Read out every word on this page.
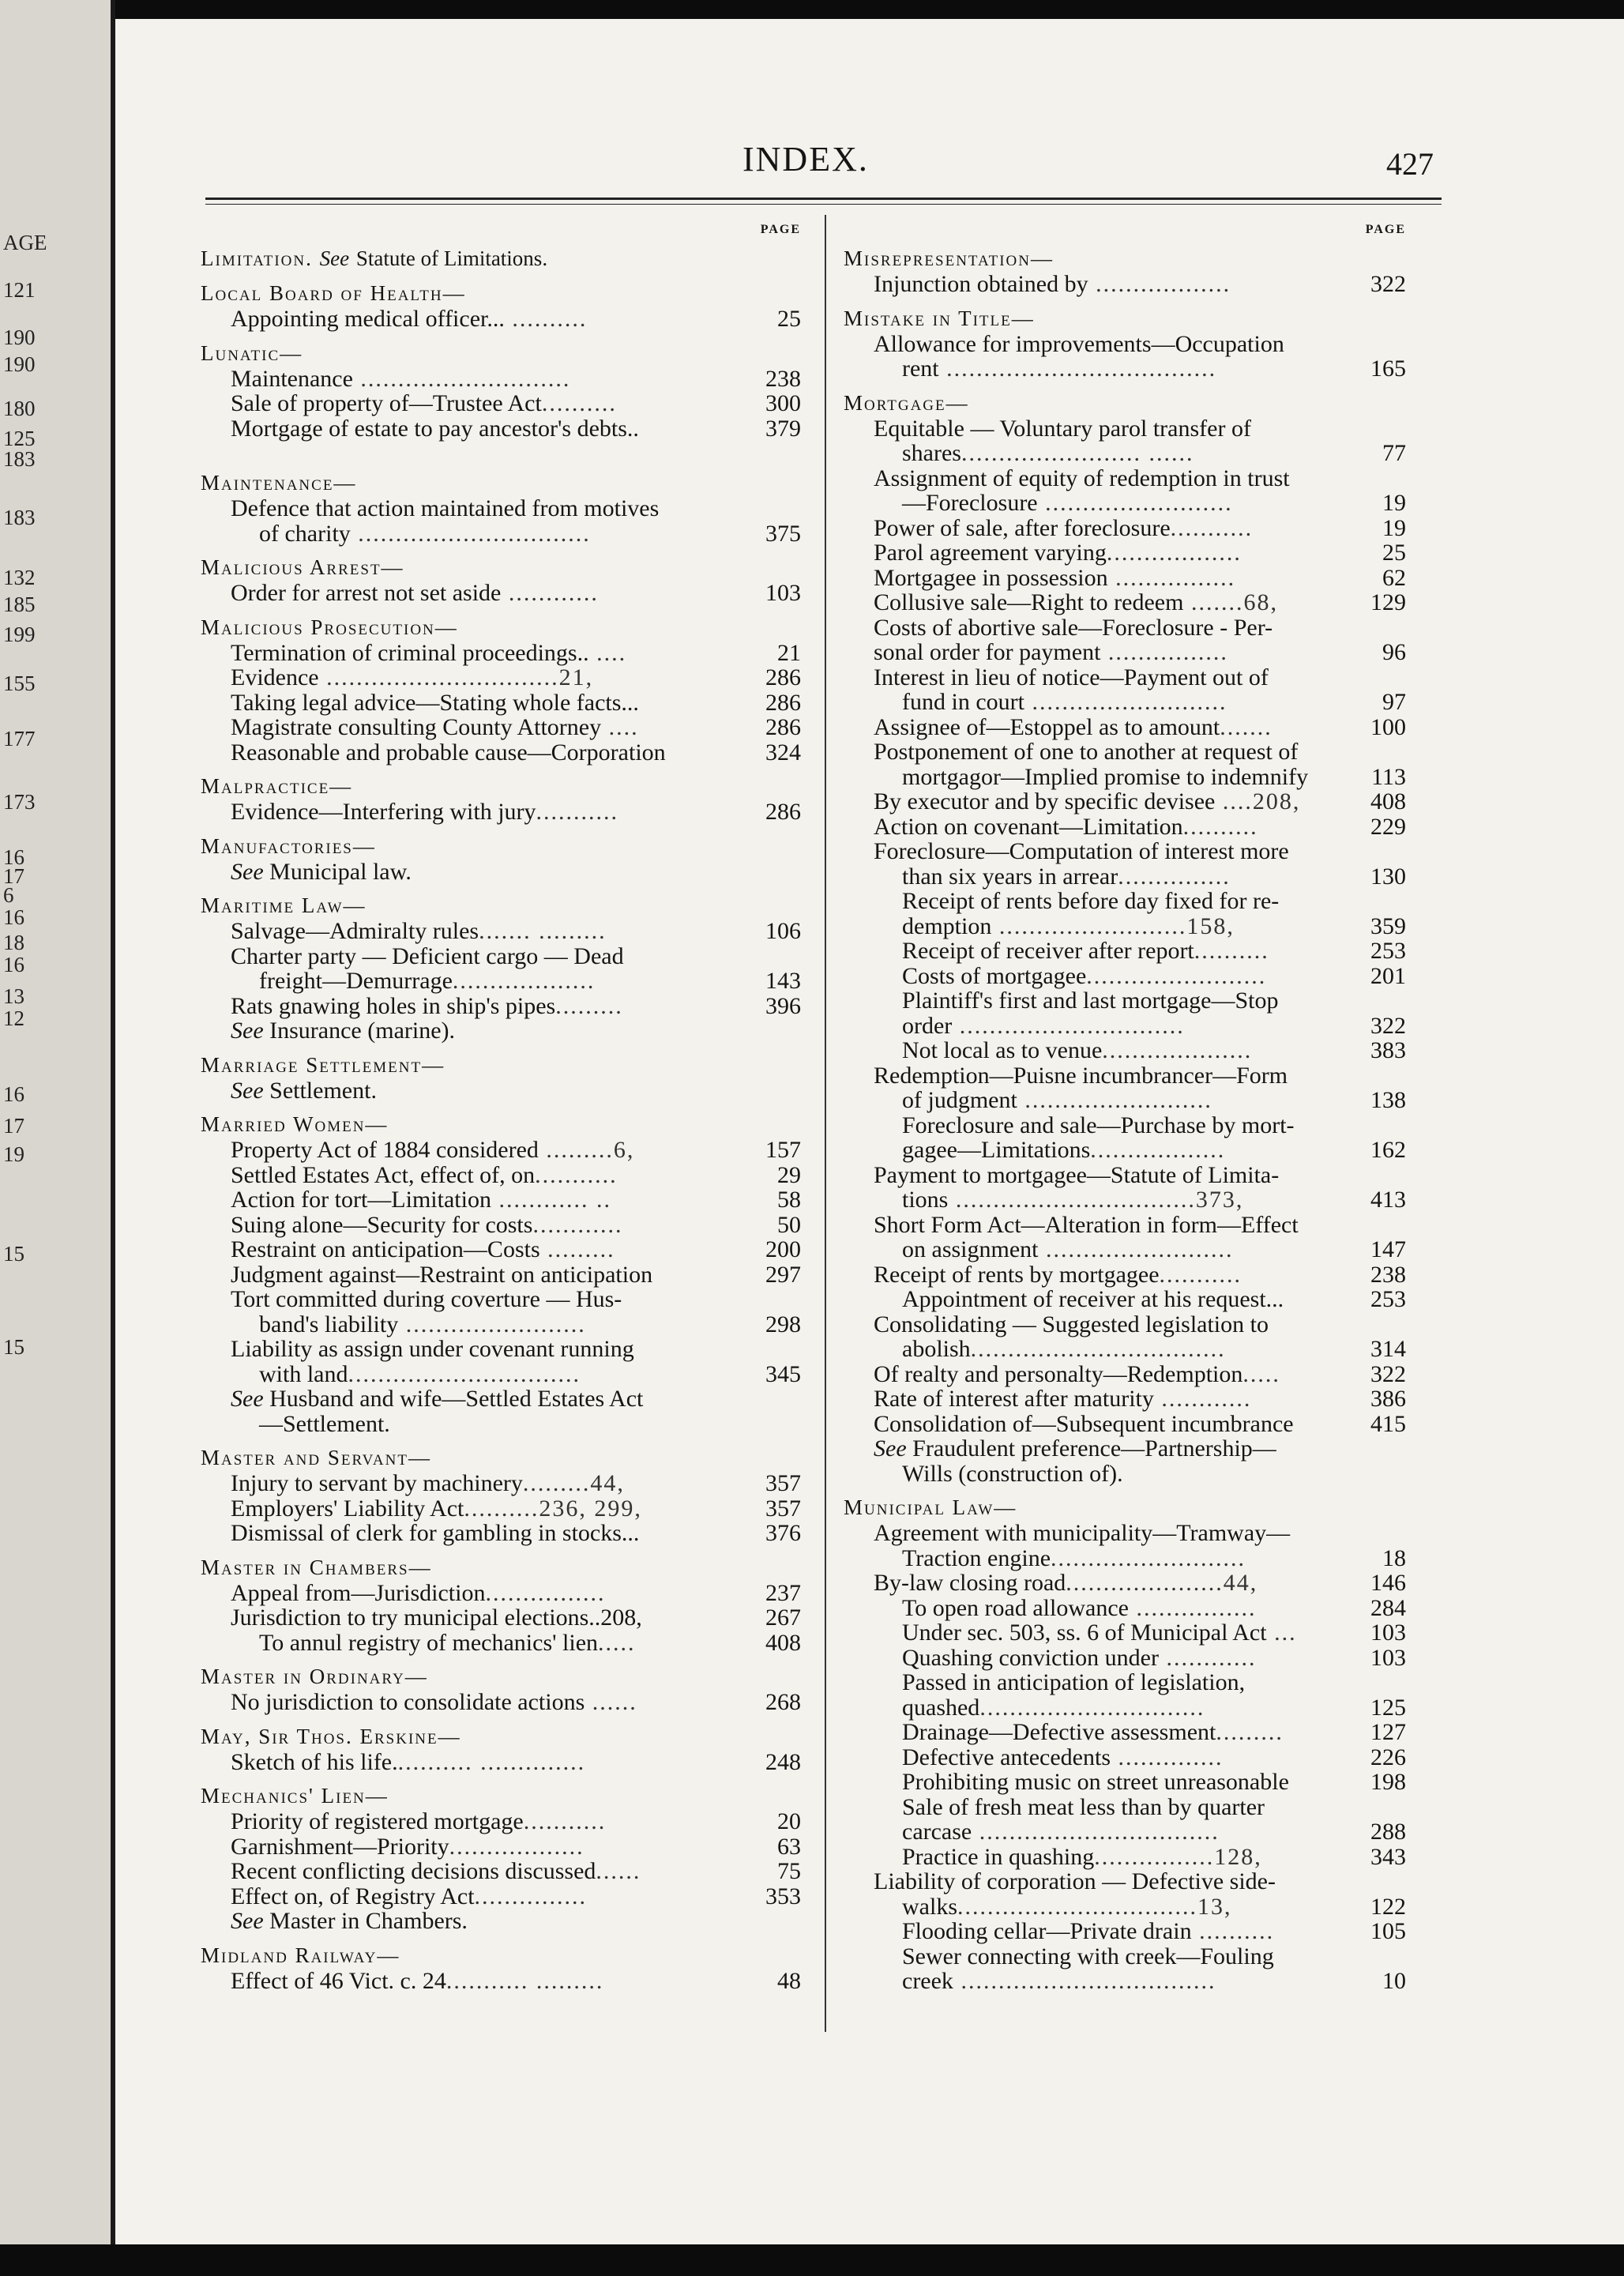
AGE
121
190
190
180
125
183
183
132
185
199
155
177
173
16
17
6
16
18
16
13
12
16
17
19
15
15
INDEX.	427
PAGE
Limitation. See Statute of Limitations.
Local Board of Health—
Appointing medical officer... ..........	25
Lunatic—
Maintenance ............................	238
Sale of property of—Trustee Act..........	300
Mortgage of estate to pay ancestor's debts..	379
Maintenance—
Defence that action maintained from motives
of charity ...............................	375
Malicious Arrest—
Order for arrest not set aside ............	103
Malicious Prosecution—
Termination of criminal proceedings.. ....	21
Evidence ...............................21,	286
Taking legal advice—Stating whole facts...	286
Magistrate consulting County Attorney ....	286
Reasonable and probable cause—Corporation	324
Malpractice—
Evidence—Interfering with jury...........	286
Manufactories—
See Municipal law.
Maritime Law—
Salvage—Admiralty rules....... .........	106
Charter party — Deficient cargo — Dead
freight—Demurrage...................	143
Rats gnawing holes in ship's pipes.........	396
See Insurance (marine).
Marriage Settlement—
See Settlement.
Married Women—
Property Act of 1884 considered .........6,	157
Settled Estates Act, effect of, on...........	29
Action for tort—Limitation ............ ..	58
Suing alone—Security for costs............	50
Restraint on anticipation—Costs .........	200
Judgment against—Restraint on anticipation	297
Tort committed during coverture — Hus-
band's liability ........................	298
Liability as assign under covenant running
with land...............................	345
See Husband and wife—Settled Estates Act
—Settlement.
Master and Servant—
Injury to servant by machinery.........44,	357
Employers' Liability Act..........236, 299,	357
Dismissal of clerk for gambling in stocks...	376
Master in Chambers—
Appeal from—Jurisdiction................	237
Jurisdiction to try municipal elections..208,	267
To annul registry of mechanics' lien.....	408
Master in Ordinary—
No jurisdiction to consolidate actions ......	268
May, Sir Thos. Erskine—
Sketch of his life........... ..............	248
Mechanics' Lien—
Priority of registered mortgage...........	20
Garnishment—Priority..................	63
Recent conflicting decisions discussed......	75
Effect on, of Registry Act...............	353
See Master in Chambers.
Midland Railway—
Effect of 46 Vict. c. 24........... .........	48
PAGE
Misrepresentation—
Injunction obtained by ..................	322
Mistake in Title—
Allowance for improvements—Occupation
rent ....................................	165
Mortgage—
Equitable — Voluntary parol transfer of
shares........................ ......	77
Assignment of equity of redemption in trust
—Foreclosure .........................	19
Power of sale, after foreclosure...........	19
Parol agreement varying..................	25
Mortgagee in possession ................	62
Collusive sale—Right to redeem .......68,	129
Costs of abortive sale—Foreclosure - Per-
sonal order for payment ................	96
Interest in lieu of notice—Payment out of
fund in court ..........................	97
Assignee of—Estoppel as to amount.......	100
Postponement of one to another at request of
mortgagor—Implied promise to indemnify	113
By executor and by specific devisee ....208,	408
Action on covenant—Limitation..........	229
Foreclosure—Computation of interest more
than six years in arrear...............	130
Receipt of rents before day fixed for re-
demption .........................158,	359
Receipt of receiver after report..........	253
Costs of mortgagee........................	201
Plaintiff's first and last mortgage—Stop
order ..............................	322
Not local as to venue....................	383
Redemption—Puisne incumbrancer—Form
of judgment .........................	138
Foreclosure and sale—Purchase by mort-
gagee—Limitations..................	162
Payment to mortgagee—Statute of Limita-
tions ................................373,	413
Short Form Act—Alteration in form—Effect
on assignment .........................	147
Receipt of rents by mortgagee...........	238
Appointment of receiver at his request...	253
Consolidating — Suggested legislation to
abolish..................................	314
Of realty and personalty—Redemption.....	322
Rate of interest after maturity ............	386
Consolidation of—Subsequent incumbrance	415
See Fraudulent preference—Partnership—
Wills (construction of).
Municipal Law—
Agreement with municipality—Tramway—
Traction engine..........................	18
By-law closing road.....................44,	146
To open road allowance ................	284
Under sec. 503, ss. 6 of Municipal Act ...	103
Quashing conviction under ............	103
Passed in anticipation of legislation,
quashed..............................	125
Drainage—Defective assessment.........	127
Defective antecedents ..............	226
Prohibiting music on street unreasonable	198
Sale of fresh meat less than by quarter
carcase ................................	288
Practice in quashing................128,	343
Liability of corporation — Defective side-
walks................................13,	122
Flooding cellar—Private drain ..........	105
Sewer connecting with creek—Fouling
creek ..................................	10
